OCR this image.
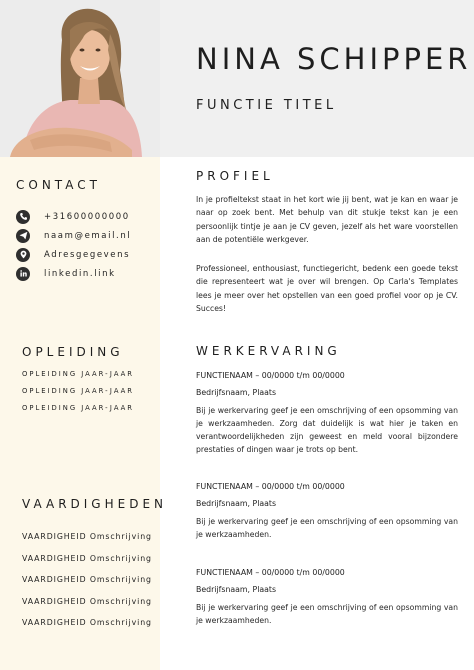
NINA SCHIPPER
FUNCTIE TITEL
CONTACT
+31600000000
naam@email.nl
Adresgegevens
linkedin.link
OPLEIDING
OPLEIDING JAAR-JAAR
OPLEIDING JAAR-JAAR
OPLEIDING JAAR-JAAR
VAARDIGHEDEN
VAARDIGHEID Omschrijving
VAARDIGHEID Omschrijving
VAARDIGHEID Omschrijving
VAARDIGHEID Omschrijving
VAARDIGHEID Omschrijving
PROFIEL
In je profieltekst staat in het kort wie jij bent, wat je kan en waar je naar op zoek bent. Met behulp van dit stukje tekst kan je een persoonlijk tintje je aan je CV geven, jezelf als het ware voorstellen aan de potentiële werkgever.
Professioneel, enthousiast, functiegericht, bedenk een goede tekst die representeert wat je over wil brengen. Op Carla's Templates lees je meer over het opstellen van een goed profiel voor op je CV. Succes!
WERKERVARING
FUNCTIENAAM – 00/0000 t/m 00/0000
Bedrijfsnaam, Plaats
Bij je werkervaring geef je een omschrijving of een opsomming van je werkzaamheden. Zorg dat duidelijk is wat hier je taken en verantwoordelijkheden zijn geweest en meld vooral bijzondere prestaties of dingen waar je trots op bent.
FUNCTIENAAM – 00/0000 t/m 00/0000
Bedrijfsnaam, Plaats
Bij je werkervaring geef je een omschrijving of een opsomming van je werkzaamheden.
FUNCTIENAAM – 00/0000 t/m 00/0000
Bedrijfsnaam, Plaats
Bij je werkervaring geef je een omschrijving of een opsomming van je werkzaamheden.
